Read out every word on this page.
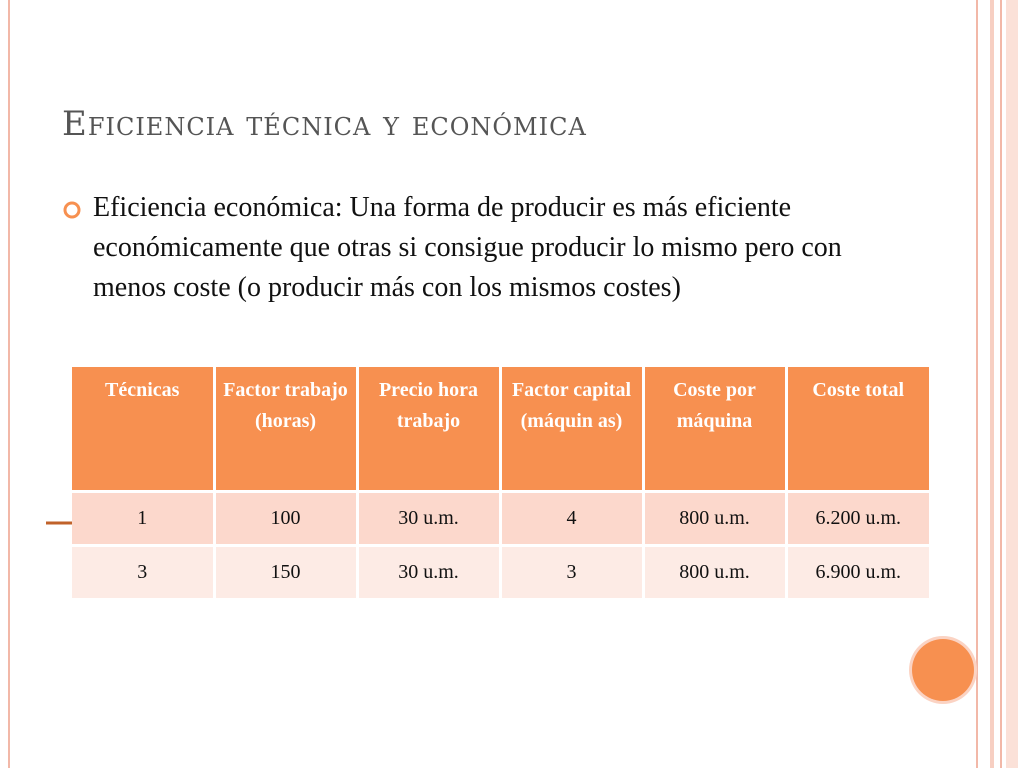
Eficiencia técnica y económica

Eficiencia económica: Una forma de producir es más eficiente económicamente que otras si consigue producir lo mismo pero con menos coste (o producir más con los mismos costes)

Técnicas	Factor trabajo (horas)	Precio hora trabajo	Factor capital (máquin as)	Coste por máquina	Coste total
1	100	30 u.m.	4	800 u.m.	6.200 u.m.
3	150	30 u.m.	3	800 u.m.	6.900 u.m.
